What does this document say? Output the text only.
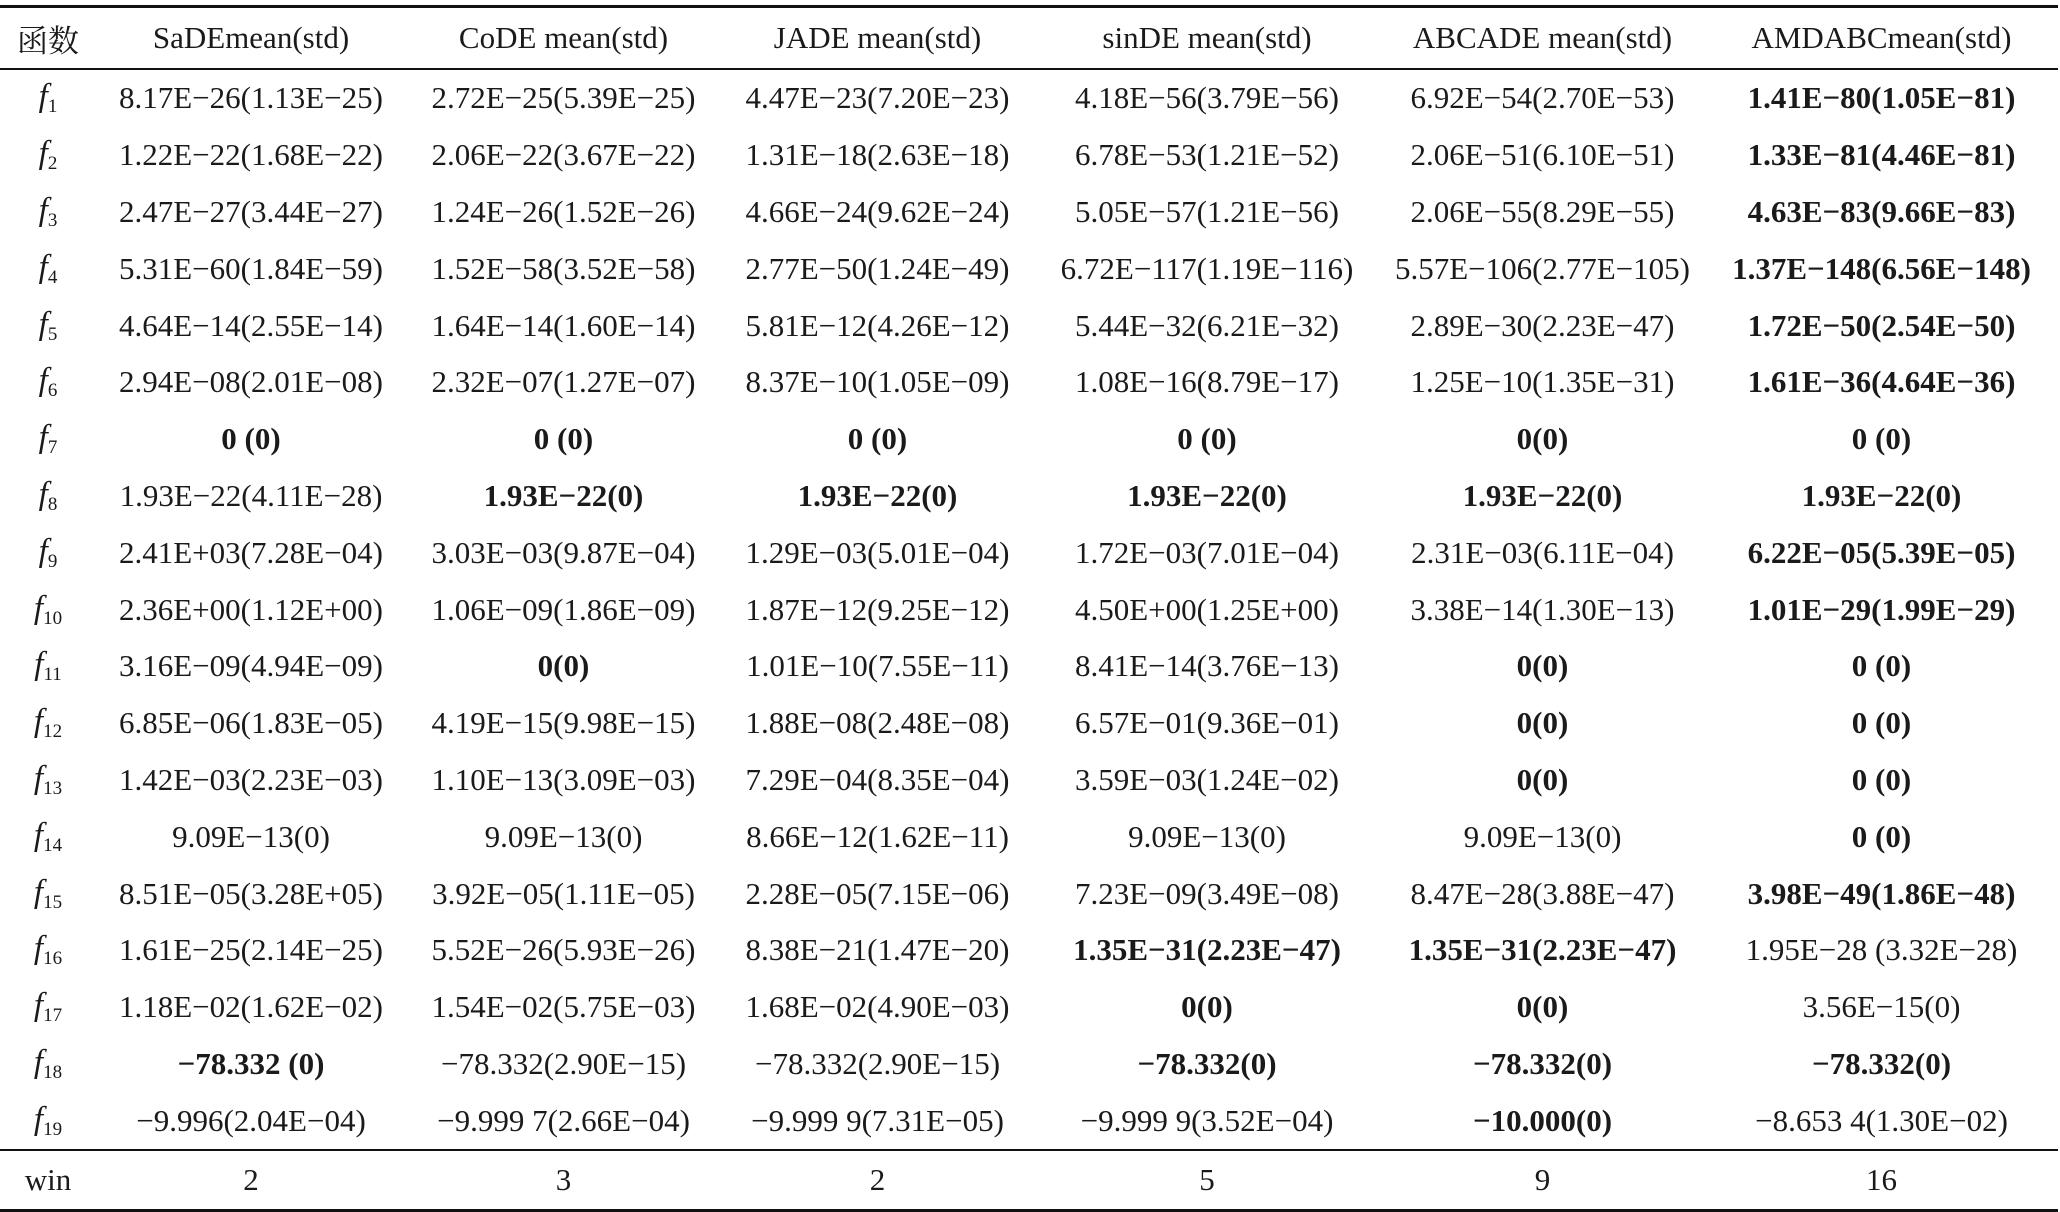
函数	SaDEmean(std)	CoDE mean(std)	JADE mean(std)	sinDE mean(std)	ABCADE mean(std)	AMDABCmean(std)
$f_1$	8.17E−26(1.13E−25)	2.72E−25(5.39E−25)	4.47E−23(7.20E−23)	4.18E−56(3.79E−56)	6.92E−54(2.70E−53)	1.41E−80(1.05E−81)
$f_2$	1.22E−22(1.68E−22)	2.06E−22(3.67E−22)	1.31E−18(2.63E−18)	6.78E−53(1.21E−52)	2.06E−51(6.10E−51)	1.33E−81(4.46E−81)
$f_3$	2.47E−27(3.44E−27)	1.24E−26(1.52E−26)	4.66E−24(9.62E−24)	5.05E−57(1.21E−56)	2.06E−55(8.29E−55)	4.63E−83(9.66E−83)
$f_4$	5.31E−60(1.84E−59)	1.52E−58(3.52E−58)	2.77E−50(1.24E−49)	6.72E−117(1.19E−116)	5.57E−106(2.77E−105)	1.37E−148(6.56E−148)
$f_5$	4.64E−14(2.55E−14)	1.64E−14(1.60E−14)	5.81E−12(4.26E−12)	5.44E−32(6.21E−32)	2.89E−30(2.23E−47)	1.72E−50(2.54E−50)
$f_6$	2.94E−08(2.01E−08)	2.32E−07(1.27E−07)	8.37E−10(1.05E−09)	1.08E−16(8.79E−17)	1.25E−10(1.35E−31)	1.61E−36(4.64E−36)
$f_7$	0 (0)	0 (0)	0 (0)	0 (0)	0(0)	0 (0)
$f_8$	1.93E−22(4.11E−28)	1.93E−22(0)	1.93E−22(0)	1.93E−22(0)	1.93E−22(0)	1.93E−22(0)
$f_9$	2.41E+03(7.28E−04)	3.03E−03(9.87E−04)	1.29E−03(5.01E−04)	1.72E−03(7.01E−04)	2.31E−03(6.11E−04)	6.22E−05(5.39E−05)
$f_{10}$	2.36E+00(1.12E+00)	1.06E−09(1.86E−09)	1.87E−12(9.25E−12)	4.50E+00(1.25E+00)	3.38E−14(1.30E−13)	1.01E−29(1.99E−29)
$f_{11}$	3.16E−09(4.94E−09)	0(0)	1.01E−10(7.55E−11)	8.41E−14(3.76E−13)	0(0)	0 (0)
$f_{12}$	6.85E−06(1.83E−05)	4.19E−15(9.98E−15)	1.88E−08(2.48E−08)	6.57E−01(9.36E−01)	0(0)	0 (0)
$f_{13}$	1.42E−03(2.23E−03)	1.10E−13(3.09E−03)	7.29E−04(8.35E−04)	3.59E−03(1.24E−02)	0(0)	0 (0)
$f_{14}$	9.09E−13(0)	9.09E−13(0)	8.66E−12(1.62E−11)	9.09E−13(0)	9.09E−13(0)	0 (0)
$f_{15}$	8.51E−05(3.28E+05)	3.92E−05(1.11E−05)	2.28E−05(7.15E−06)	7.23E−09(3.49E−08)	8.47E−28(3.88E−47)	3.98E−49(1.86E−48)
$f_{16}$	1.61E−25(2.14E−25)	5.52E−26(5.93E−26)	8.38E−21(1.47E−20)	1.35E−31(2.23E−47)	1.35E−31(2.23E−47)	1.95E−28 (3.32E−28)
$f_{17}$	1.18E−02(1.62E−02)	1.54E−02(5.75E−03)	1.68E−02(4.90E−03)	0(0)	0(0)	3.56E−15(0)
$f_{18}$	−78.332 (0)	−78.332(2.90E−15)	−78.332(2.90E−15)	−78.332(0)	−78.332(0)	−78.332(0)
$f_{19}$	−9.996(2.04E−04)	−9.999 7(2.66E−04)	−9.999 9(7.31E−05)	−9.999 9(3.52E−04)	−10.000(0)	−8.653 4(1.30E−02)
win	2	3	2	5	9	16
